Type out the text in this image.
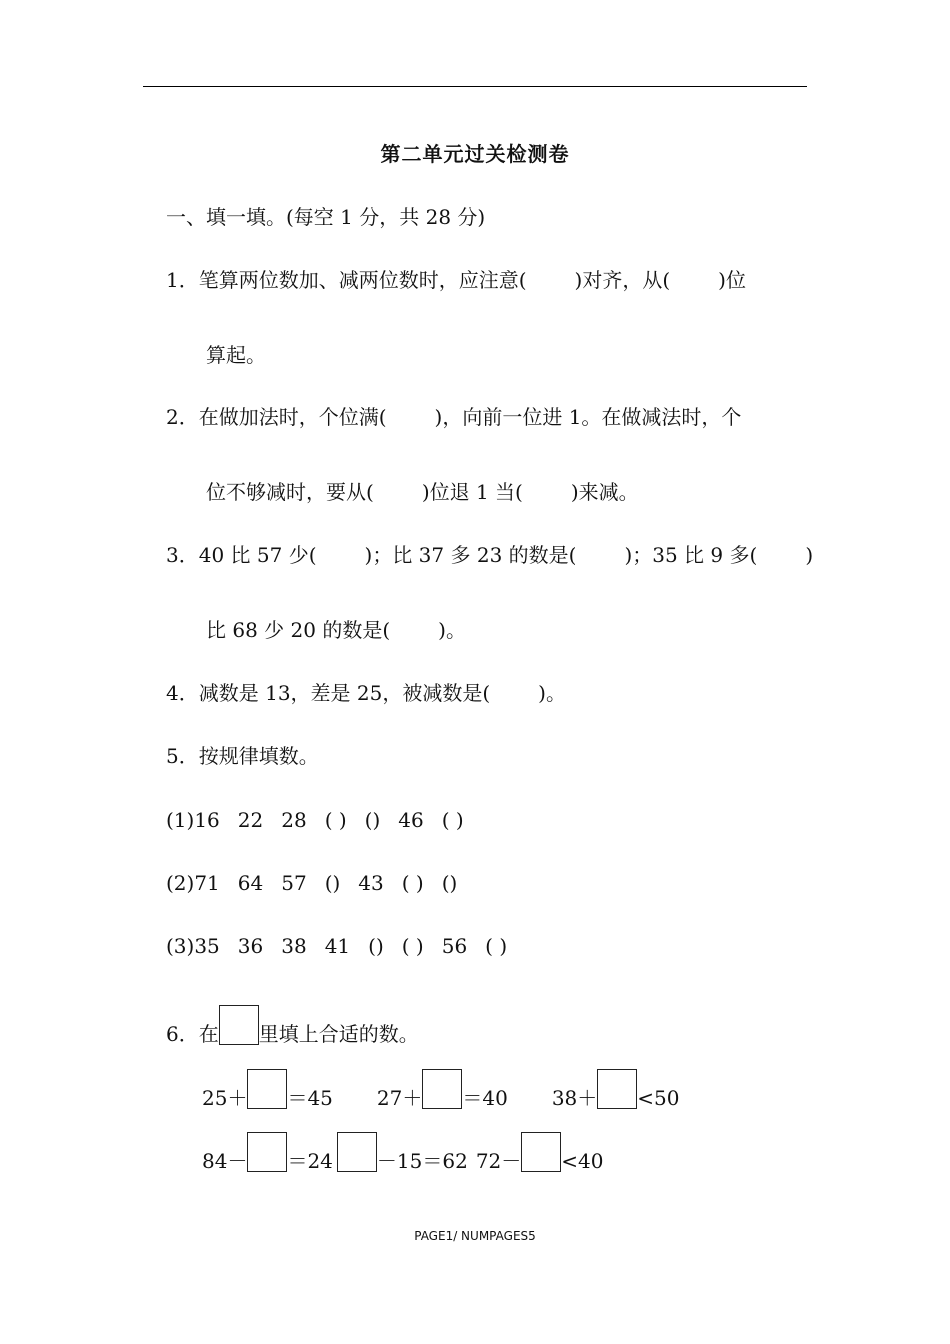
第二单元过关检测卷
一、填一填。(每空 1 分，共 28 分)
1．笔算两位数加、减两位数时，应注意( )对齐，从( )位
算起。
2．在做加法时，个位满( )，向前一位进 1。在做减法时，个
位不够减时，要从( )位退 1 当( )来减。
3．40 比 57 少( )；比 37 多 23 的数是( )；35 比 9 多( )
比 68 少 20 的数是( )。
4．减数是 13，差是 25，被减数是( )。
5．按规律填数。
(1)16 22 28 ( ) () 46 ( )
(2)71 64 57 () 43 ( ) ()
(3)35 36 38 41 () ( ) 56 ( )
6．在 里填上合适的数。
25＋ ＝45 27＋ ＝40 38＋ <50
84－ ＝24 －15＝62 72－ <40
PAGE1/ NUMPAGES5
